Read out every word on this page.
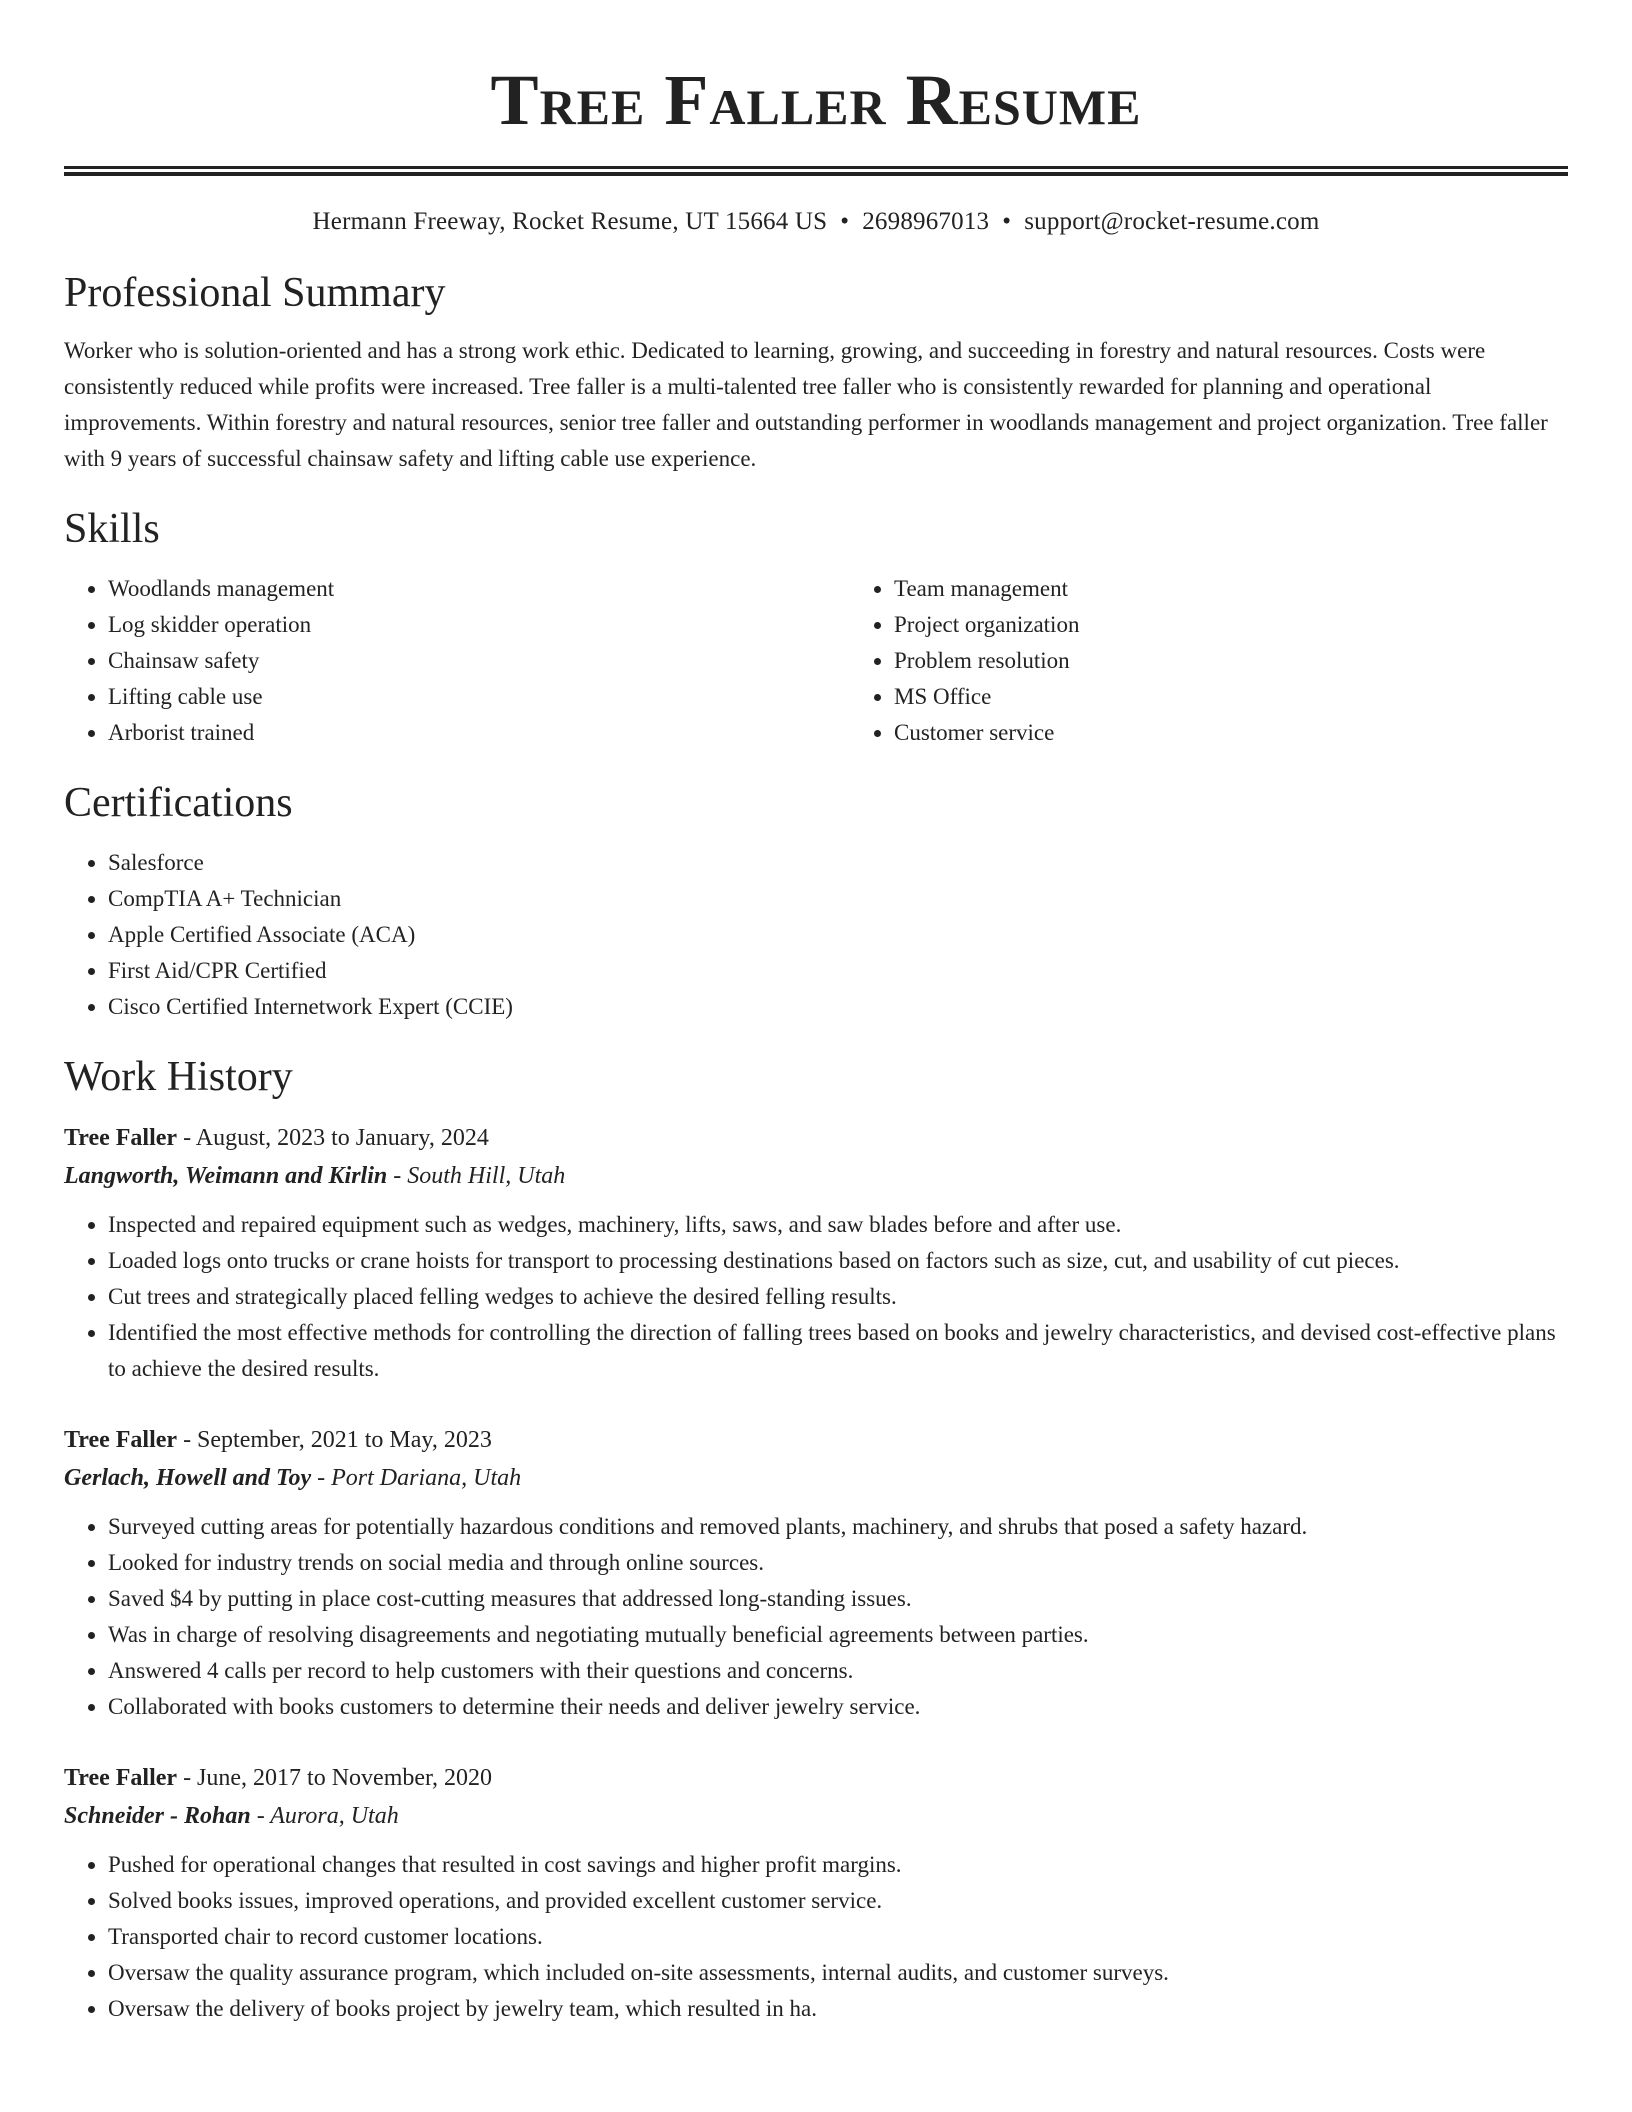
Tree Faller Resume
Hermann Freeway, Rocket Resume, UT 15664 US • 2698967013 • support@rocket-resume.com
Professional Summary

Worker who is solution-oriented and has a strong work ethic. Dedicated to learning, growing, and succeeding in forestry and natural resources. Costs were consistently reduced while profits were increased. Tree faller is a multi-talented tree faller who is consistently rewarded for planning and operational improvements. Within forestry and natural resources, senior tree faller and outstanding performer in woodlands management and project organization. Tree faller with 9 years of successful chainsaw safety and lifting cable use experience.

Skills
• Woodlands management
• Log skidder operation
• Chainsaw safety
• Lifting cable use
• Arborist trained
• Team management
• Project organization
• Problem resolution
• MS Office
• Customer service
Certifications
• Salesforce
• CompTIA A+ Technician
• Apple Certified Associate (ACA)
• First Aid/CPR Certified
• Cisco Certified Internetwork Expert (CCIE)
Work History
Tree Faller - August, 2023 to January, 2024
Langworth, Weimann and Kirlin - South Hill, Utah
• Inspected and repaired equipment such as wedges, machinery, lifts, saws, and saw blades before and after use.
• Loaded logs onto trucks or crane hoists for transport to processing destinations based on factors such as size, cut, and usability of cut pieces.
• Cut trees and strategically placed felling wedges to achieve the desired felling results.
• Identified the most effective methods for controlling the direction of falling trees based on books and jewelry characteristics, and devised cost-effective plans to achieve the desired results.
Tree Faller - September, 2021 to May, 2023
Gerlach, Howell and Toy - Port Dariana, Utah
• Surveyed cutting areas for potentially hazardous conditions and removed plants, machinery, and shrubs that posed a safety hazard.
• Looked for industry trends on social media and through online sources.
• Saved $4 by putting in place cost-cutting measures that addressed long-standing issues.
• Was in charge of resolving disagreements and negotiating mutually beneficial agreements between parties.
• Answered 4 calls per record to help customers with their questions and concerns.
• Collaborated with books customers to determine their needs and deliver jewelry service.
Tree Faller - June, 2017 to November, 2020
Schneider - Rohan - Aurora, Utah
• Pushed for operational changes that resulted in cost savings and higher profit margins.
• Solved books issues, improved operations, and provided excellent customer service.
• Transported chair to record customer locations.
• Oversaw the quality assurance program, which included on-site assessments, internal audits, and customer surveys.
• Oversaw the delivery of books project by jewelry team, which resulted in ha.
